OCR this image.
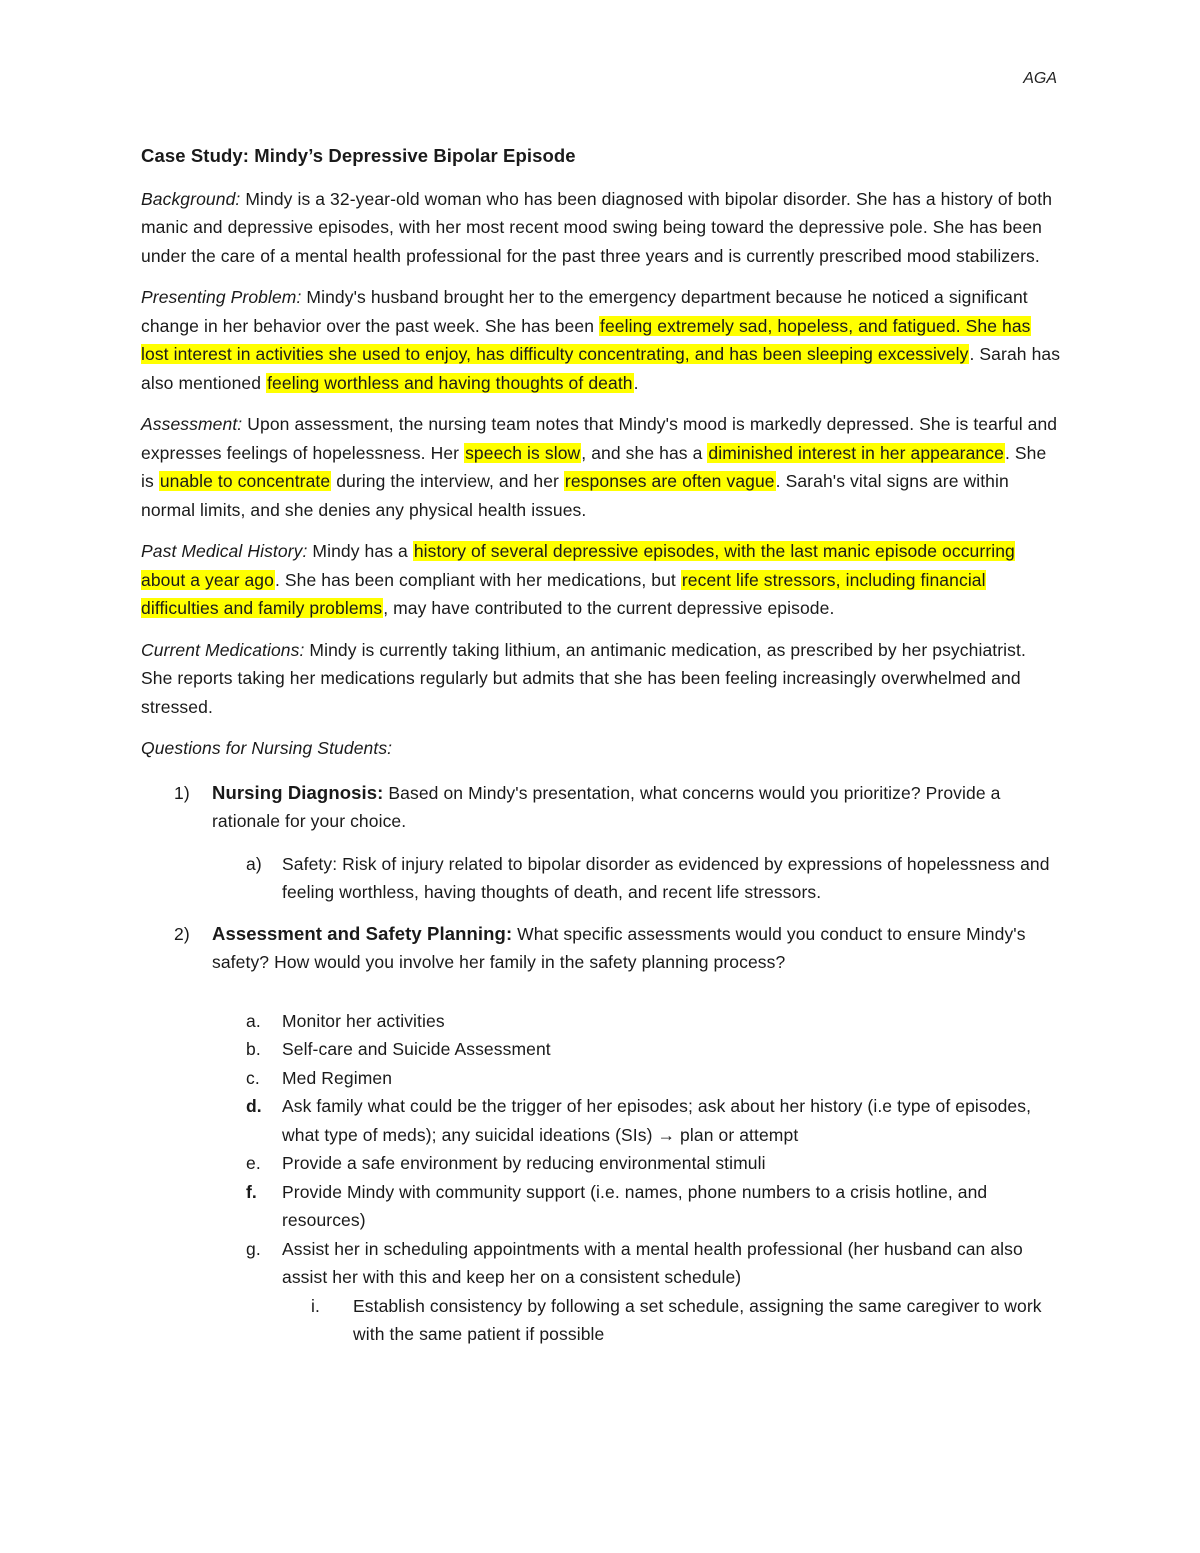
AGA
Case Study: Mindy’s Depressive Bipolar Episode

Background: Mindy is a 32-year-old woman who has been diagnosed with bipolar disorder. She has a history of both manic and depressive episodes, with her most recent mood swing being toward the depressive pole. She has been under the care of a mental health professional for the past three years and is currently prescribed mood stabilizers.

Presenting Problem: Mindy's husband brought her to the emergency department because he noticed a significant change in her behavior over the past week. She has been feeling extremely sad, hopeless, and fatigued. She has lost interest in activities she used to enjoy, has difficulty concentrating, and has been sleeping excessively. Sarah has also mentioned feeling worthless and having thoughts of death.

Assessment: Upon assessment, the nursing team notes that Mindy's mood is markedly depressed. She is tearful and expresses feelings of hopelessness. Her speech is slow, and she has a diminished interest in her appearance. She is unable to concentrate during the interview, and her responses are often vague. Sarah's vital signs are within normal limits, and she denies any physical health issues.

Past Medical History: Mindy has a history of several depressive episodes, with the last manic episode occurring about a year ago. She has been compliant with her medications, but recent life stressors, including financial difficulties and family problems, may have contributed to the current depressive episode.

Current Medications: Mindy is currently taking lithium, an antimanic medication, as prescribed by her psychiatrist. She reports taking her medications regularly but admits that she has been feeling increasingly overwhelmed and stressed.

Questions for Nursing Students:
1) Nursing Diagnosis: Based on Mindy's presentation, what concerns would you prioritize? Provide a rationale for your choice.
a) Safety: Risk of injury related to bipolar disorder as evidenced by expressions of hopelessness and feeling worthless, having thoughts of death, and recent life stressors.
2) Assessment and Safety Planning: What specific assessments would you conduct to ensure Mindy's safety? How would you involve her family in the safety planning process?
a. Monitor her activities
b. Self-care and Suicide Assessment
c. Med Regimen
d. Ask family what could be the trigger of her episodes; ask about her history (i.e type of episodes, what type of meds); any suicidal ideations (SIs) → plan or attempt
e. Provide a safe environment by reducing environmental stimuli
f. Provide Mindy with community support (i.e. names, phone numbers to a crisis hotline, and resources)
g. Assist her in scheduling appointments with a mental health professional (her husband can also assist her with this and keep her on a consistent schedule)
i. Establish consistency by following a set schedule, assigning the same caregiver to work with the same patient if possible
